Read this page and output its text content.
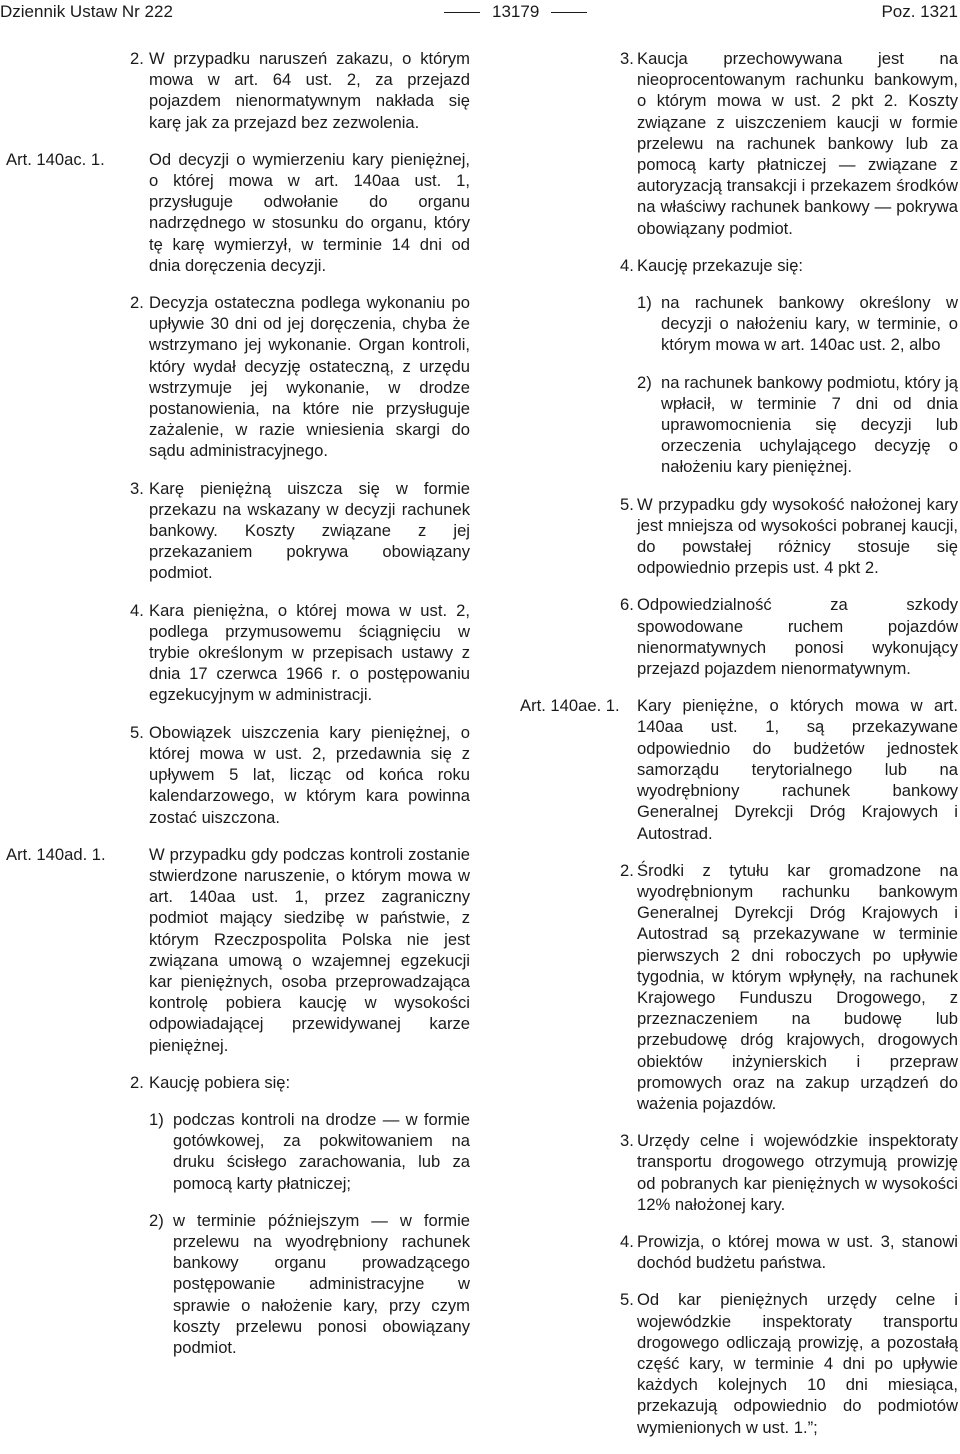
Dziennik Ustaw Nr 222	13179	Poz. 1321
2. W przypadku naruszeń zakazu, o którym mowa w art. 64 ust. 2, za przejazd pojazdem nienormatywnym nakłada się karę jak za przejazd bez zezwolenia.
Art. 140ac. 1.	Od decyzji o wymierzeniu kary pieniężnej, o której mowa w art. 140aa ust. 1, przysługuje odwołanie do organu nadrzędnego w stosunku do organu, który tę karę wymierzył, w terminie 14 dni od dnia doręczenia decyzji.
2. Decyzja ostateczna podlega wykonaniu po upływie 30 dni od jej doręczenia, chyba że wstrzymano jej wykonanie. Organ kontroli, który wydał decyzję ostateczną, z urzędu wstrzymuje jej wykonanie, w drodze postanowienia, na które nie przysługuje zażalenie, w razie wniesienia skargi do sądu administracyjnego.
3. Karę pieniężną uiszcza się w formie przekazu na wskazany w decyzji rachunek bankowy. Koszty związane z jej przekazaniem pokrywa obowiązany podmiot.
4. Kara pieniężna, o której mowa w ust. 2, podlega przymusowemu ściągnięciu w trybie określonym w przepisach ustawy z dnia 17 czerwca 1966 r. o postępowaniu egzekucyjnym w administracji.
5. Obowiązek uiszczenia kary pieniężnej, o której mowa w ust. 2, przedawnia się z upływem 5 lat, licząc od końca roku kalendarzowego, w którym kara powinna zostać uiszczona.
Art. 140ad. 1.	W przypadku gdy podczas kontroli zostanie stwierdzone naruszenie, o którym mowa w art. 140aa ust. 1, przez zagraniczny podmiot mający siedzibę w państwie, z którym Rzeczpospolita Polska nie jest związana umową o wzajemnej egzekucji kar pieniężnych, osoba przeprowadzająca kontrolę pobiera kaucję w wysokości odpowiadającej przewidywanej karze pieniężnej.
2. Kaucję pobiera się:
1) podczas kontroli na drodze — w formie gotówkowej, za pokwitowaniem na druku ścisłego zarachowania, lub za pomocą karty płatniczej;
2) w terminie późniejszym — w formie przelewu na wyodrębniony rachunek bankowy organu prowadzącego postępowanie administracyjne w sprawie o nałożenie kary, przy czym koszty przelewu ponosi obowiązany podmiot.
3. Kaucja przechowywana jest na nieoprocentowanym rachunku bankowym, o którym mowa w ust. 2 pkt 2. Koszty związane z uiszczeniem kaucji w formie przelewu na rachunek bankowy lub za pomocą karty płatniczej — związane z autoryzacją transakcji i przekazem środków na właściwy rachunek bankowy — pokrywa obowiązany podmiot.
4. Kaucję przekazuje się:
1) na rachunek bankowy określony w decyzji o nałożeniu kary, w terminie, o którym mowa w art. 140ac ust. 2, albo
2) na rachunek bankowy podmiotu, który ją wpłacił, w terminie 7 dni od dnia uprawomocnienia się decyzji lub orzeczenia uchylającego decyzję o nałożeniu kary pieniężnej.
5. W przypadku gdy wysokość nałożonej kary jest mniejsza od wysokości pobranej kaucji, do powstałej różnicy stosuje się odpowiednio przepis ust. 4 pkt 2.
6. Odpowiedzialność za szkody spowodowane ruchem pojazdów nienormatywnych ponosi wykonujący przejazd pojazdem nienormatywnym.
Art. 140ae. 1. Kary pieniężne, o których mowa w art. 140aa ust. 1, są przekazywane odpowiednio do budżetów jednostek samorządu terytorialnego lub na wyodrębniony rachunek bankowy Generalnej Dyrekcji Dróg Krajowych i Autostrad.
2. Środki z tytułu kar gromadzone na wyodrębnionym rachunku bankowym Generalnej Dyrekcji Dróg Krajowych i Autostrad są przekazywane w terminie pierwszych 2 dni roboczych po upływie tygodnia, w którym wpłynęły, na rachunek Krajowego Funduszu Drogowego, z przeznaczeniem na budowę lub przebudowę dróg krajowych, drogowych obiektów inżynierskich i przepraw promowych oraz na zakup urządzeń do ważenia pojazdów.
3. Urzędy celne i wojewódzkie inspektoraty transportu drogowego otrzymują prowizję od pobranych kar pieniężnych w wysokości 12% nałożonej kary.
4. Prowizja, o której mowa w ust. 3, stanowi dochód budżetu państwa.
5. Od kar pieniężnych urzędy celne i wojewódzkie inspektoraty transportu drogowego odliczają prowizję, a pozostałą część kary, w terminie 4 dni po upływie każdych kolejnych 10 dni miesiąca, przekazują odpowiednio do podmiotów wymienionych w ust. 1.”;
